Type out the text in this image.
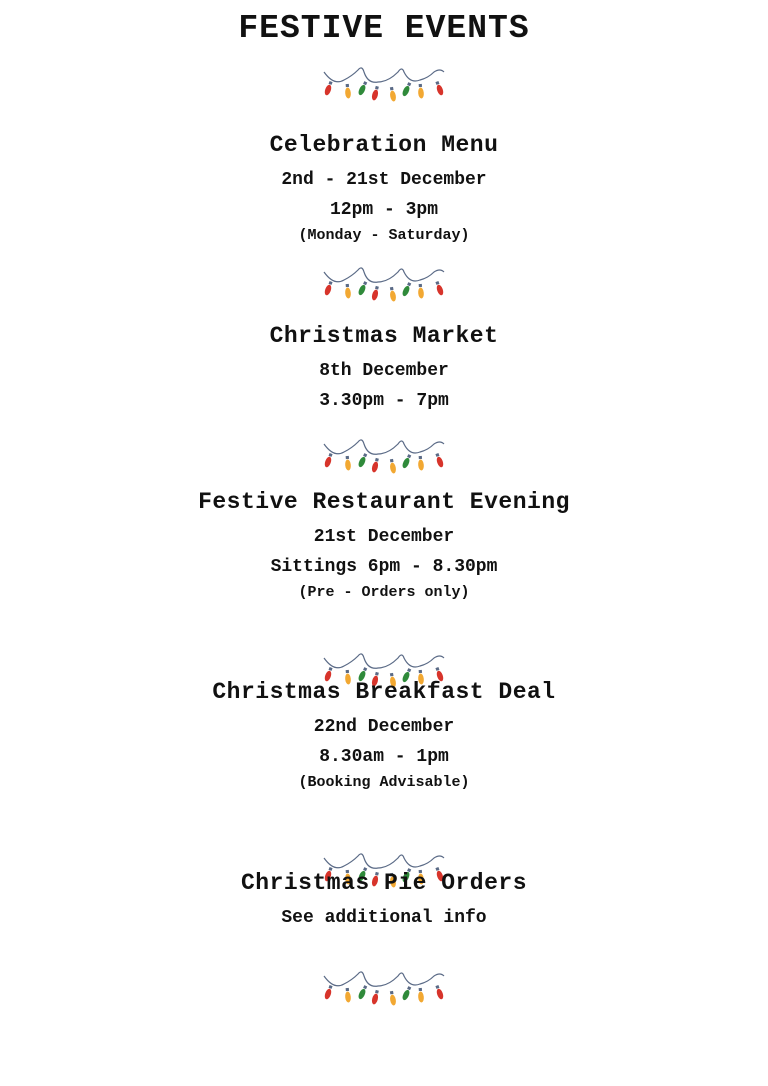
FESTIVE EVENTS
Celebration Menu
2nd - 21st December
12pm - 3pm
(Monday - Saturday)
Christmas Market
8th December
3.30pm - 7pm
Festive Restaurant Evening
21st December
Sittings 6pm - 8.30pm
(Pre - Orders only)
Christmas Breakfast Deal
22nd December
8.30am - 1pm
(Booking Advisable)
Christmas Pie Orders
See additional info
